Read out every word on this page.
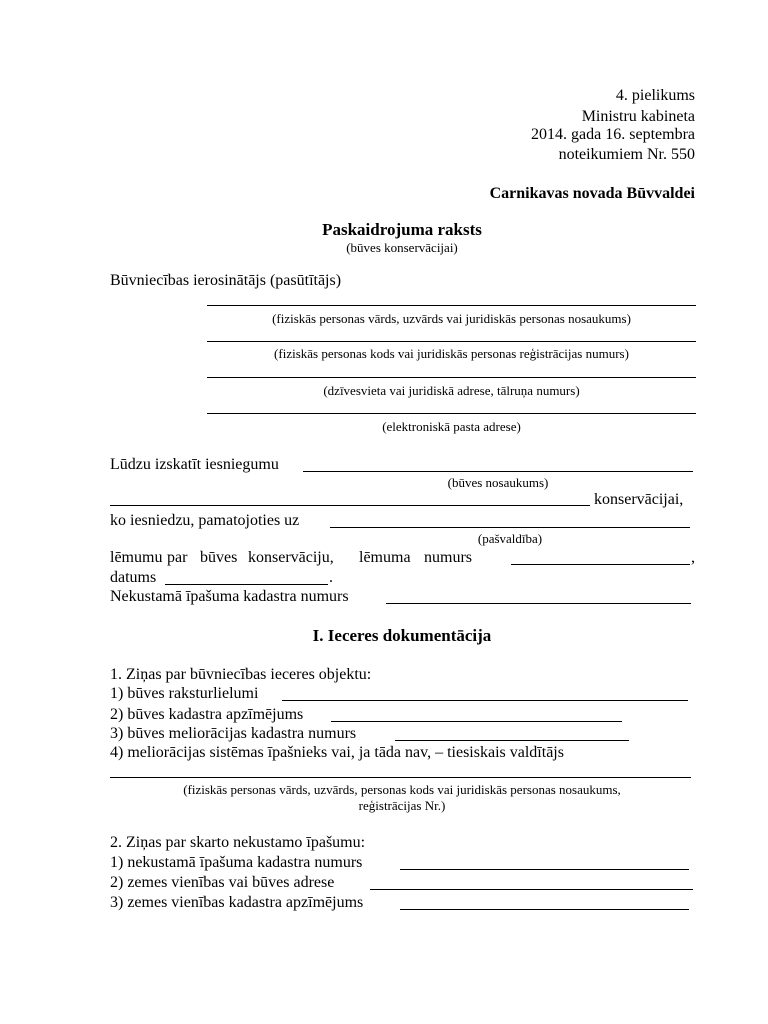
4. pielikums
Ministru kabineta
2014. gada 16. septembra
noteikumiem Nr. 550
Carnikavas novada Būvvaldei
Paskaidrojuma raksts
(būves konservācijai)
Būvniecības ierosinātājs (pasūtītājs)
(fiziskās personas vārds, uzvārds vai juridiskās personas nosaukums)
(fiziskās personas kods vai juridiskās personas reģistrācijas numurs)
(dzīvesvieta vai juridiskā adrese, tālruņa numurs)
(elektroniskā pasta adrese)
Lūdzu izskatīt iesniegumu
(būves nosaukums)
konservācijai,
ko iesniedzu, pamatojoties uz
(pašvaldība)
lēmumu par būves konservāciju, lēmuma numurs	,
datums	.
Nekustamā īpašuma kadastra numurs
I. Ieceres dokumentācija
1. Ziņas par būvniecības ieceres objektu:
1) būves raksturlielumi
2) būves kadastra apzīmējums
3) būves meliorācijas kadastra numurs
4) meliorācijas sistēmas īpašnieks vai, ja tāda nav, – tiesiskais valdītājs
(fiziskās personas vārds, uzvārds, personas kods vai juridiskās personas nosaukums,
reģistrācijas Nr.)
2. Ziņas par skarto nekustamo īpašumu:
1) nekustamā īpašuma kadastra numurs
2) zemes vienības vai būves adrese
3) zemes vienības kadastra apzīmējums
